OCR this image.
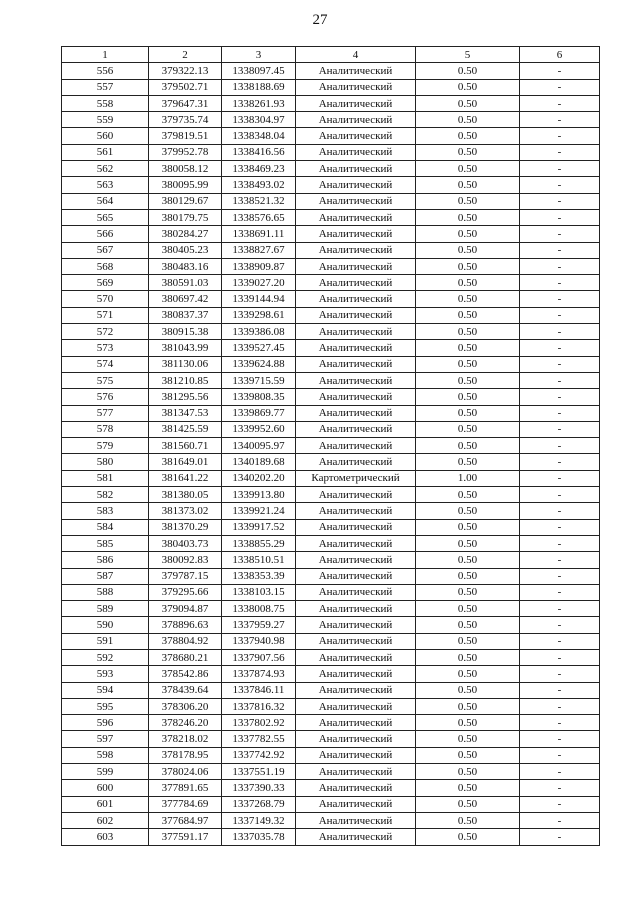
27
1	2	3	4	5	6
556	379322.13	1338097.45	Аналитический	0.50	-
557	379502.71	1338188.69	Аналитический	0.50	-
558	379647.31	1338261.93	Аналитический	0.50	-
559	379735.74	1338304.97	Аналитический	0.50	-
560	379819.51	1338348.04	Аналитический	0.50	-
561	379952.78	1338416.56	Аналитический	0.50	-
562	380058.12	1338469.23	Аналитический	0.50	-
563	380095.99	1338493.02	Аналитический	0.50	-
564	380129.67	1338521.32	Аналитический	0.50	-
565	380179.75	1338576.65	Аналитический	0.50	-
566	380284.27	1338691.11	Аналитический	0.50	-
567	380405.23	1338827.67	Аналитический	0.50	-
568	380483.16	1338909.87	Аналитический	0.50	-
569	380591.03	1339027.20	Аналитический	0.50	-
570	380697.42	1339144.94	Аналитический	0.50	-
571	380837.37	1339298.61	Аналитический	0.50	-
572	380915.38	1339386.08	Аналитический	0.50	-
573	381043.99	1339527.45	Аналитический	0.50	-
574	381130.06	1339624.88	Аналитический	0.50	-
575	381210.85	1339715.59	Аналитический	0.50	-
576	381295.56	1339808.35	Аналитический	0.50	-
577	381347.53	1339869.77	Аналитический	0.50	-
578	381425.59	1339952.60	Аналитический	0.50	-
579	381560.71	1340095.97	Аналитический	0.50	-
580	381649.01	1340189.68	Аналитический	0.50	-
581	381641.22	1340202.20	Картометрический	1.00	-
582	381380.05	1339913.80	Аналитический	0.50	-
583	381373.02	1339921.24	Аналитический	0.50	-
584	381370.29	1339917.52	Аналитический	0.50	-
585	380403.73	1338855.29	Аналитический	0.50	-
586	380092.83	1338510.51	Аналитический	0.50	-
587	379787.15	1338353.39	Аналитический	0.50	-
588	379295.66	1338103.15	Аналитический	0.50	-
589	379094.87	1338008.75	Аналитический	0.50	-
590	378896.63	1337959.27	Аналитический	0.50	-
591	378804.92	1337940.98	Аналитический	0.50	-
592	378680.21	1337907.56	Аналитический	0.50	-
593	378542.86	1337874.93	Аналитический	0.50	-
594	378439.64	1337846.11	Аналитический	0.50	-
595	378306.20	1337816.32	Аналитический	0.50	-
596	378246.20	1337802.92	Аналитический	0.50	-
597	378218.02	1337782.55	Аналитический	0.50	-
598	378178.95	1337742.92	Аналитический	0.50	-
599	378024.06	1337551.19	Аналитический	0.50	-
600	377891.65	1337390.33	Аналитический	0.50	-
601	377784.69	1337268.79	Аналитический	0.50	-
602	377684.97	1337149.32	Аналитический	0.50	-
603	377591.17	1337035.78	Аналитический	0.50	-
